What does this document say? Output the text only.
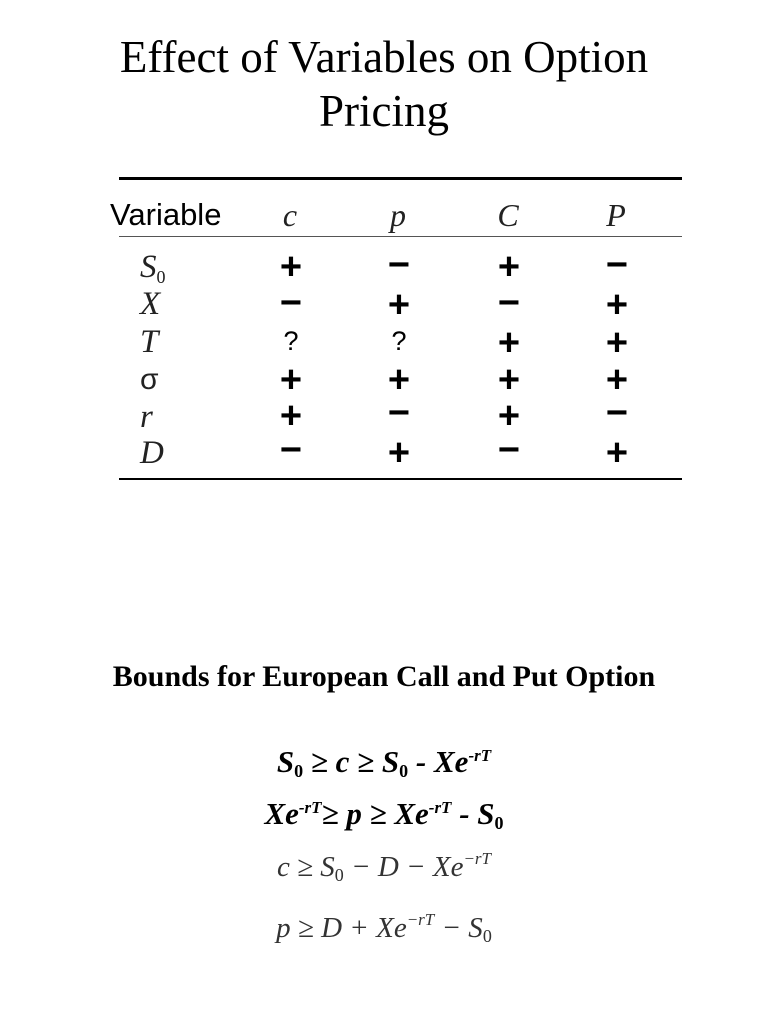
Effect of Variables on Option
Pricing
Variable	c	p	C	P
$S_0$	+	−	+	−
X	−	+	−	+
T	?	?	+	+
σ	+	+	+	+
r	+	−	+	−
D	−	+	−	+
Bounds for European Call and Put Option
$S_0 \ge c \ge S_0 - Xe^{-rT}$
$Xe^{-rT}\ge p \ge Xe^{-rT} - S_0$
$c \ge S_0 - D - Xe^{-rT}$
$p \ge D + Xe^{-rT} - S_0$
